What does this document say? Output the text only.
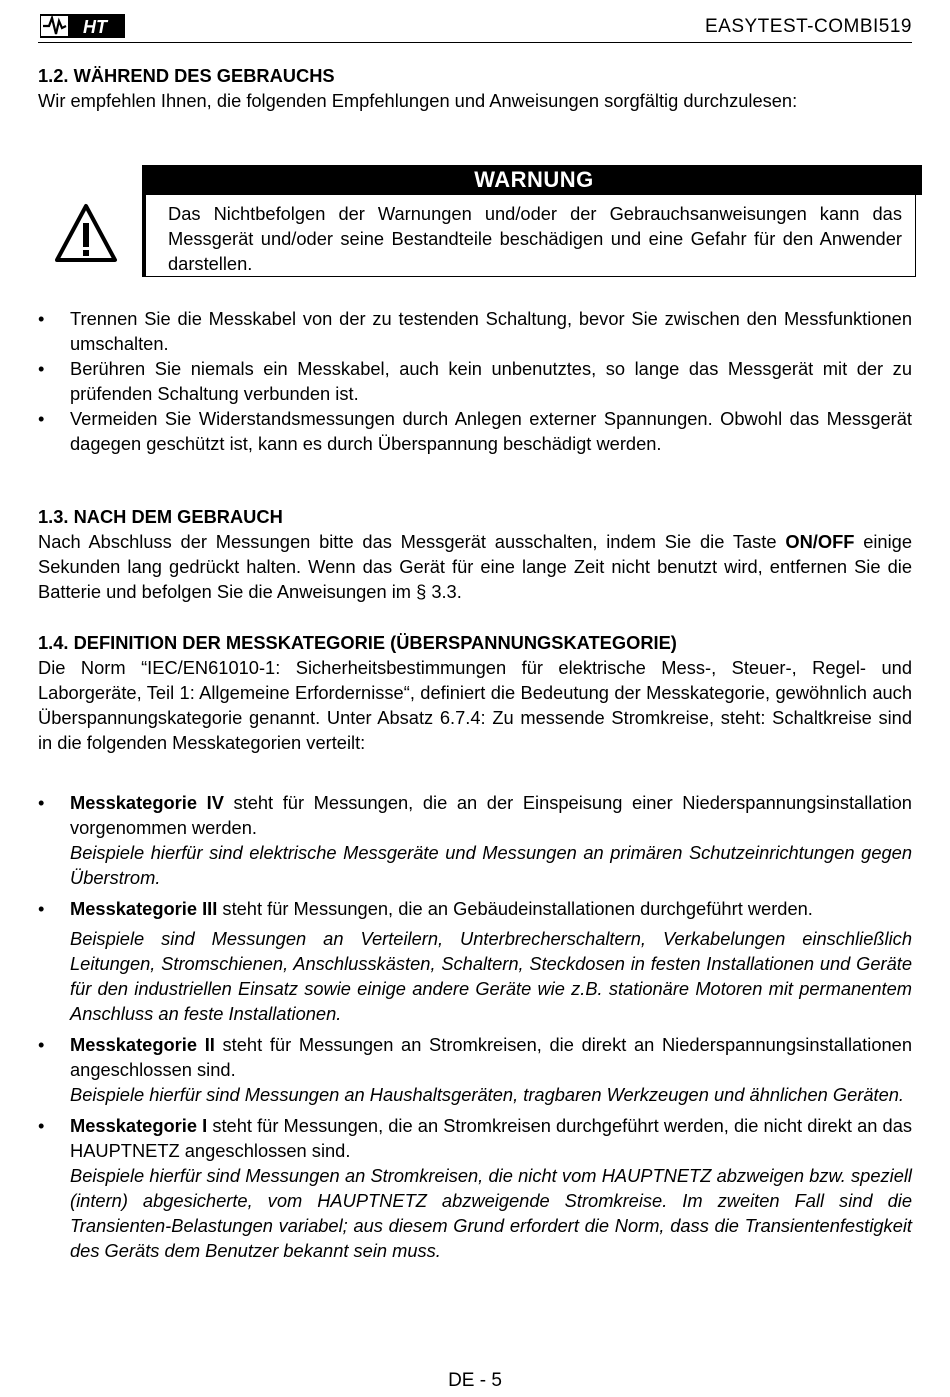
HT	EASYTEST-COMBI519
1.2. WÄHREND DES GEBRAUCHS

Wir empfehlen Ihnen, die folgenden Empfehlungen und Anweisungen sorgfältig durchzulesen:

WARNUNG

Das Nichtbefolgen der Warnungen und/oder der Gebrauchsanweisungen kann das Messgerät und/oder seine Bestandteile beschädigen und eine Gefahr für den Anwender darstellen.

• Trennen Sie die Messkabel von der zu testenden Schaltung, bevor Sie zwischen den Messfunktionen umschalten.
• Berühren Sie niemals ein Messkabel, auch kein unbenutztes, so lange das Messgerät mit der zu prüfenden Schaltung verbunden ist.
• Vermeiden Sie Widerstandsmessungen durch Anlegen externer Spannungen. Obwohl das Messgerät dagegen geschützt ist, kann es durch Überspannung beschädigt werden.
1.3. NACH DEM GEBRAUCH

Nach Abschluss der Messungen bitte das Messgerät ausschalten, indem Sie die Taste ON/OFF einige Sekunden lang gedrückt halten. Wenn das Gerät für eine lange Zeit nicht benutzt wird, entfernen Sie die Batterie und befolgen Sie die Anweisungen im § 3.3.

1.4. DEFINITION DER MESSKATEGORIE (ÜBERSPANNUNGSKATEGORIE)

Die Norm “IEC/EN61010-1: Sicherheitsbestimmungen für elektrische Mess-, Steuer-, Regel- und Laborgeräte, Teil 1: Allgemeine Erfordernisse“, definiert die Bedeutung der Messkategorie, gewöhnlich auch Überspannungskategorie genannt. Unter Absatz 6.7.4: Zu messende Stromkreise, steht: Schaltkreise sind in die folgenden Messkategorien verteilt:

• Messkategorie IV steht für Messungen, die an der Einspeisung einer Niederspannungsinstallation vorgenommen werden.

Beispiele hierfür sind elektrische Messgeräte und Messungen an primären Schutzeinrichtungen gegen Überstrom.

• Messkategorie III steht für Messungen, die an Gebäudeinstallationen durchgeführt werden.

Beispiele sind Messungen an Verteilern, Unterbrecherschaltern, Verkabelungen einschließlich Leitungen, Stromschienen, Anschlusskästen, Schaltern, Steckdosen in festen Installationen und Geräte für den industriellen Einsatz sowie einige andere Geräte wie z.B. stationäre Motoren mit permanentem Anschluss an feste Installationen.

• Messkategorie II steht für Messungen an Stromkreisen, die direkt an Niederspannungsinstallationen angeschlossen sind.

Beispiele hierfür sind Messungen an Haushaltsgeräten, tragbaren Werkzeugen und ähnlichen Geräten.

• Messkategorie I steht für Messungen, die an Stromkreisen durchgeführt werden, die nicht direkt an das HAUPTNETZ angeschlossen sind.

Beispiele hierfür sind Messungen an Stromkreisen, die nicht vom HAUPTNETZ abzweigen bzw. speziell (intern) abgesicherte, vom HAUPTNETZ abzweigende Stromkreise. Im zweiten Fall sind die Transienten-Belastungen variabel; aus diesem Grund erfordert die Norm, dass die Transientenfestigkeit des Geräts dem Benutzer bekannt sein muss.

DE - 5
